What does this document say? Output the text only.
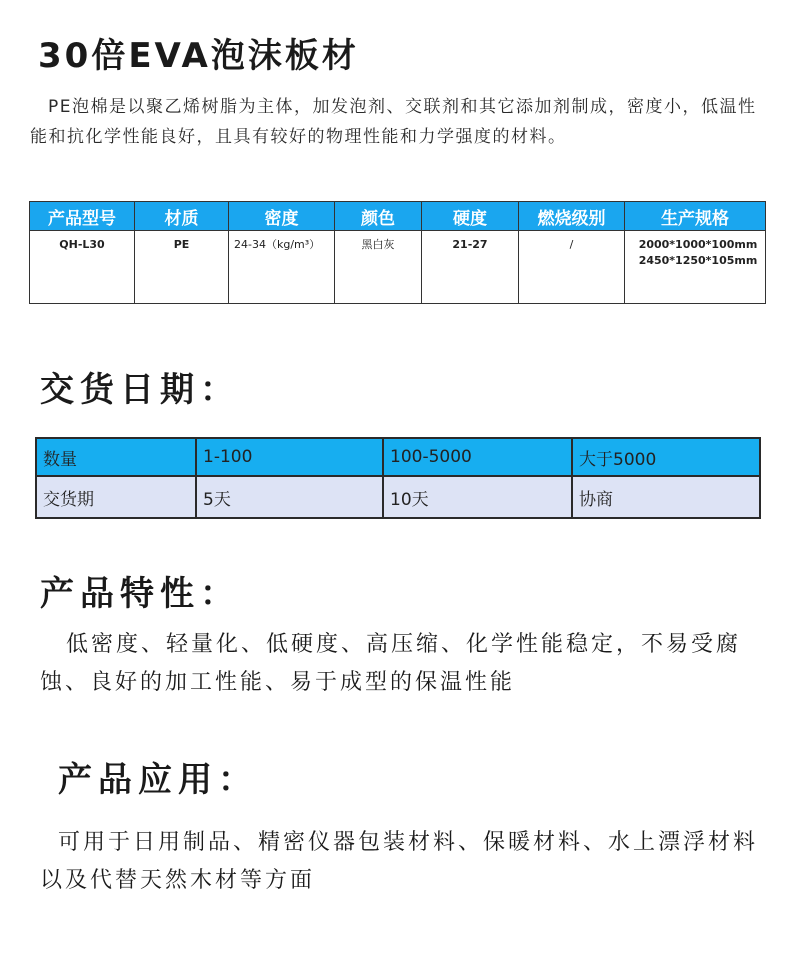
30倍EVA泡沫板材

PE泡棉是以聚乙烯树脂为主体，加发泡剂、交联剂和其它添加剂制成，密度小，低温性能和抗化学性能良好，且具有较好的物理性能和力学强度的材料。

产品型号	材质	密度	颜色	硬度	燃烧级别	生产规格
QH-L30	PE	24-34（kg/m³）	黑白灰	21-27	/	2000*1000*100mm 2450*1250*105mm
交货日期：
数量	1-100	100-5000	大于5000
交货期	5天	10天	协商
产品特性：

低密度、轻量化、低硬度、高压缩、化学性能稳定，不易受腐蚀、良好的加工性能、易于成型的保温性能

产品应用：

可用于日用制品、精密仪器包装材料、保暖材料、水上漂浮材料以及代替天然木材等方面
